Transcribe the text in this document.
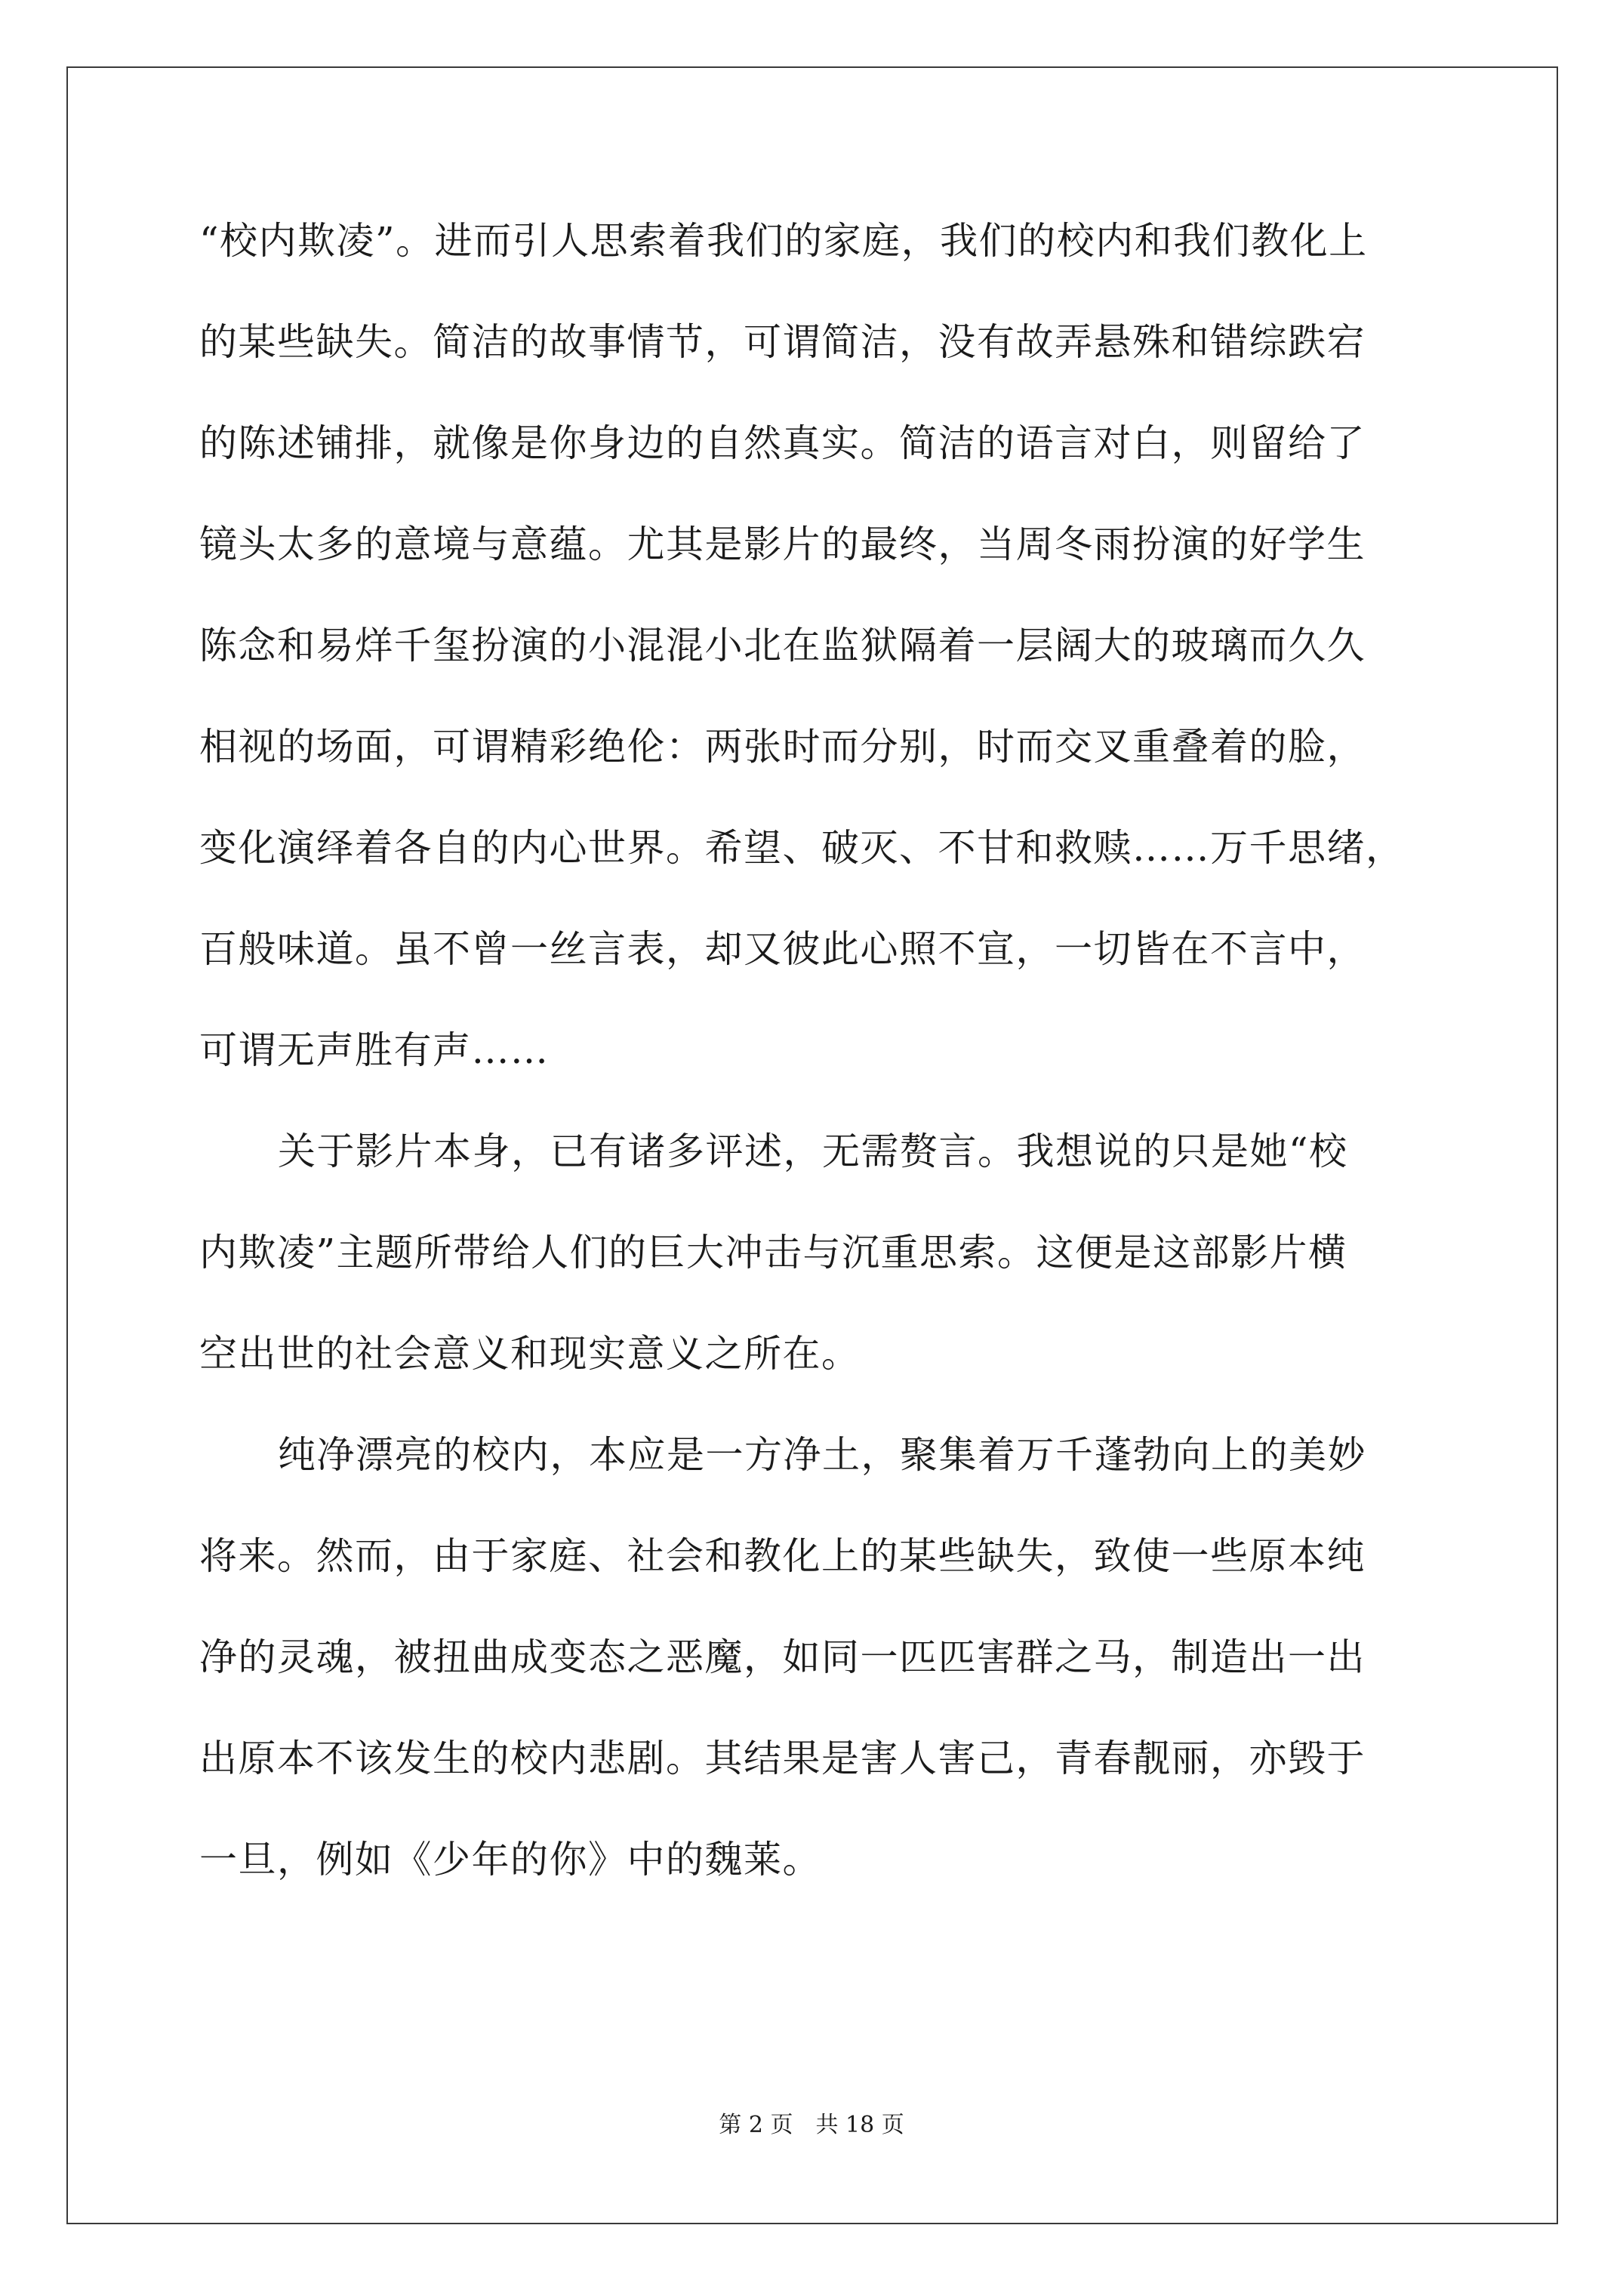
“校内欺凌”。进而引人思索着我们的家庭，我们的校内和我们教化上
的某些缺失。简洁的故事情节，可谓简洁，没有故弄悬殊和错综跌宕
的陈述铺排，就像是你身边的自然真实。简洁的语言对白，则留给了
镜头太多的意境与意蕴。尤其是影片的最终，当周冬雨扮演的好学生
陈念和易烊千玺扮演的小混混小北在监狱隔着一层阔大的玻璃而久久
相视的场面，可谓精彩绝伦：两张时而分别，时而交叉重叠着的脸，
变化演绎着各自的内心世界。希望、破灭、不甘和救赎……万千思绪，
百般味道。虽不曾一丝言表，却又彼此心照不宣，一切皆在不言中，
可谓无声胜有声……
关于影片本身，已有诸多评述，无需赘言。我想说的只是她“校
内欺凌”主题所带给人们的巨大冲击与沉重思索。这便是这部影片横
空出世的社会意义和现实意义之所在。
纯净漂亮的校内，本应是一方净土，聚集着万千蓬勃向上的美妙
将来。然而，由于家庭、社会和教化上的某些缺失，致使一些原本纯
净的灵魂，被扭曲成变态之恶魔，如同一匹匹害群之马，制造出一出
出原本不该发生的校内悲剧。其结果是害人害己，青春靓丽，亦毁于
一旦，例如《少年的你》中的魏莱。
第 2 页　共 18 页
